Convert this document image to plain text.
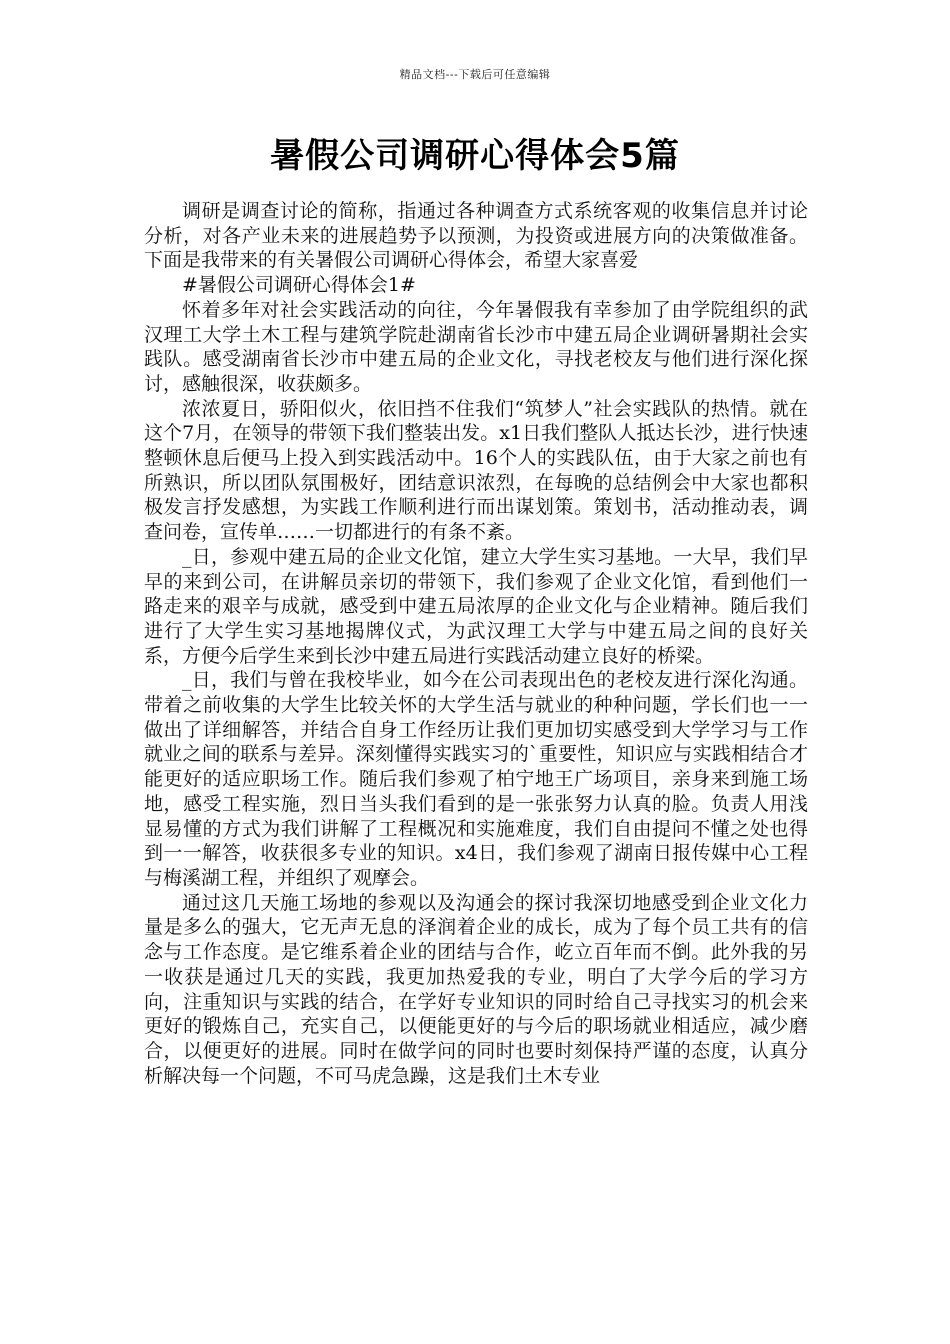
精品文档---下载后可任意编辑
暑假公司调研心得体会5篇

调研是调查讨论的简称，指通过各种调查方式系统客观的收集信息并讨论分析，对各产业未来的进展趋势予以预测，为投资或进展方向的决策做准备。下面是我带来的有关暑假公司调研心得体会，希望大家喜爱

#暑假公司调研心得体会1#

怀着多年对社会实践活动的向往，今年暑假我有幸参加了由学院组织的武汉理工大学土木工程与建筑学院赴湖南省长沙市中建五局企业调研暑期社会实践队。感受湖南省长沙市中建五局的企业文化，寻找老校友与他们进行深化探讨，感触很深，收获颇多。

浓浓夏日，骄阳似火，依旧挡不住我们“筑梦人”社会实践队的热情。就在这个7月，在领导的带领下我们整装出发。x1日我们整队人抵达长沙，进行快速整顿休息后便马上投入到实践活动中。16个人的实践队伍，由于大家之前也有所熟识，所以团队氛围极好，团结意识浓烈，在每晚的总结例会中大家也都积极发言抒发感想，为实践工作顺利进行而出谋划策。策划书，活动推动表，调查问卷，宣传单……一切都进行的有条不紊。

_日，参观中建五局的企业文化馆，建立大学生实习基地。一大早，我们早早的来到公司，在讲解员亲切的带领下，我们参观了企业文化馆，看到他们一路走来的艰辛与成就，感受到中建五局浓厚的企业文化与企业精神。随后我们进行了大学生实习基地揭牌仪式，为武汉理工大学与中建五局之间的良好关系，方便今后学生来到长沙中建五局进行实践活动建立良好的桥梁。

_日，我们与曾在我校毕业，如今在公司表现出色的老校友进行深化沟通。带着之前收集的大学生比较关怀的大学生活与就业的种种问题，学长们也一一做出了详细解答，并结合自身工作经历让我们更加切实感受到大学学习与工作就业之间的联系与差异。深刻懂得实践实习的`重要性，知识应与实践相结合才能更好的适应职场工作。随后我们参观了柏宁地王广场项目，亲身来到施工场地，感受工程实施，烈日当头我们看到的是一张张努力认真的脸。负责人用浅显易懂的方式为我们讲解了工程概况和实施难度，我们自由提问不懂之处也得到一一解答，收获很多专业的知识。x4日，我们参观了湖南日报传媒中心工程与梅溪湖工程，并组织了观摩会。

通过这几天施工场地的参观以及沟通会的探讨我深切地感受到企业文化力量是多么的强大，它无声无息的泽润着企业的成长，成为了每个员工共有的信念与工作态度。是它维系着企业的团结与合作，屹立百年而不倒。此外我的另一收获是通过几天的实践，我更加热爱我的专业，明白了大学今后的学习方向，注重知识与实践的结合，在学好专业知识的同时给自己寻找实习的机会来更好的锻炼自己，充实自己，以便能更好的与今后的职场就业相适应，减少磨合，以便更好的进展。同时在做学问的同时也要时刻保持严谨的态度，认真分析解决每一个问题，不可马虎急躁，这是我们土木专业
